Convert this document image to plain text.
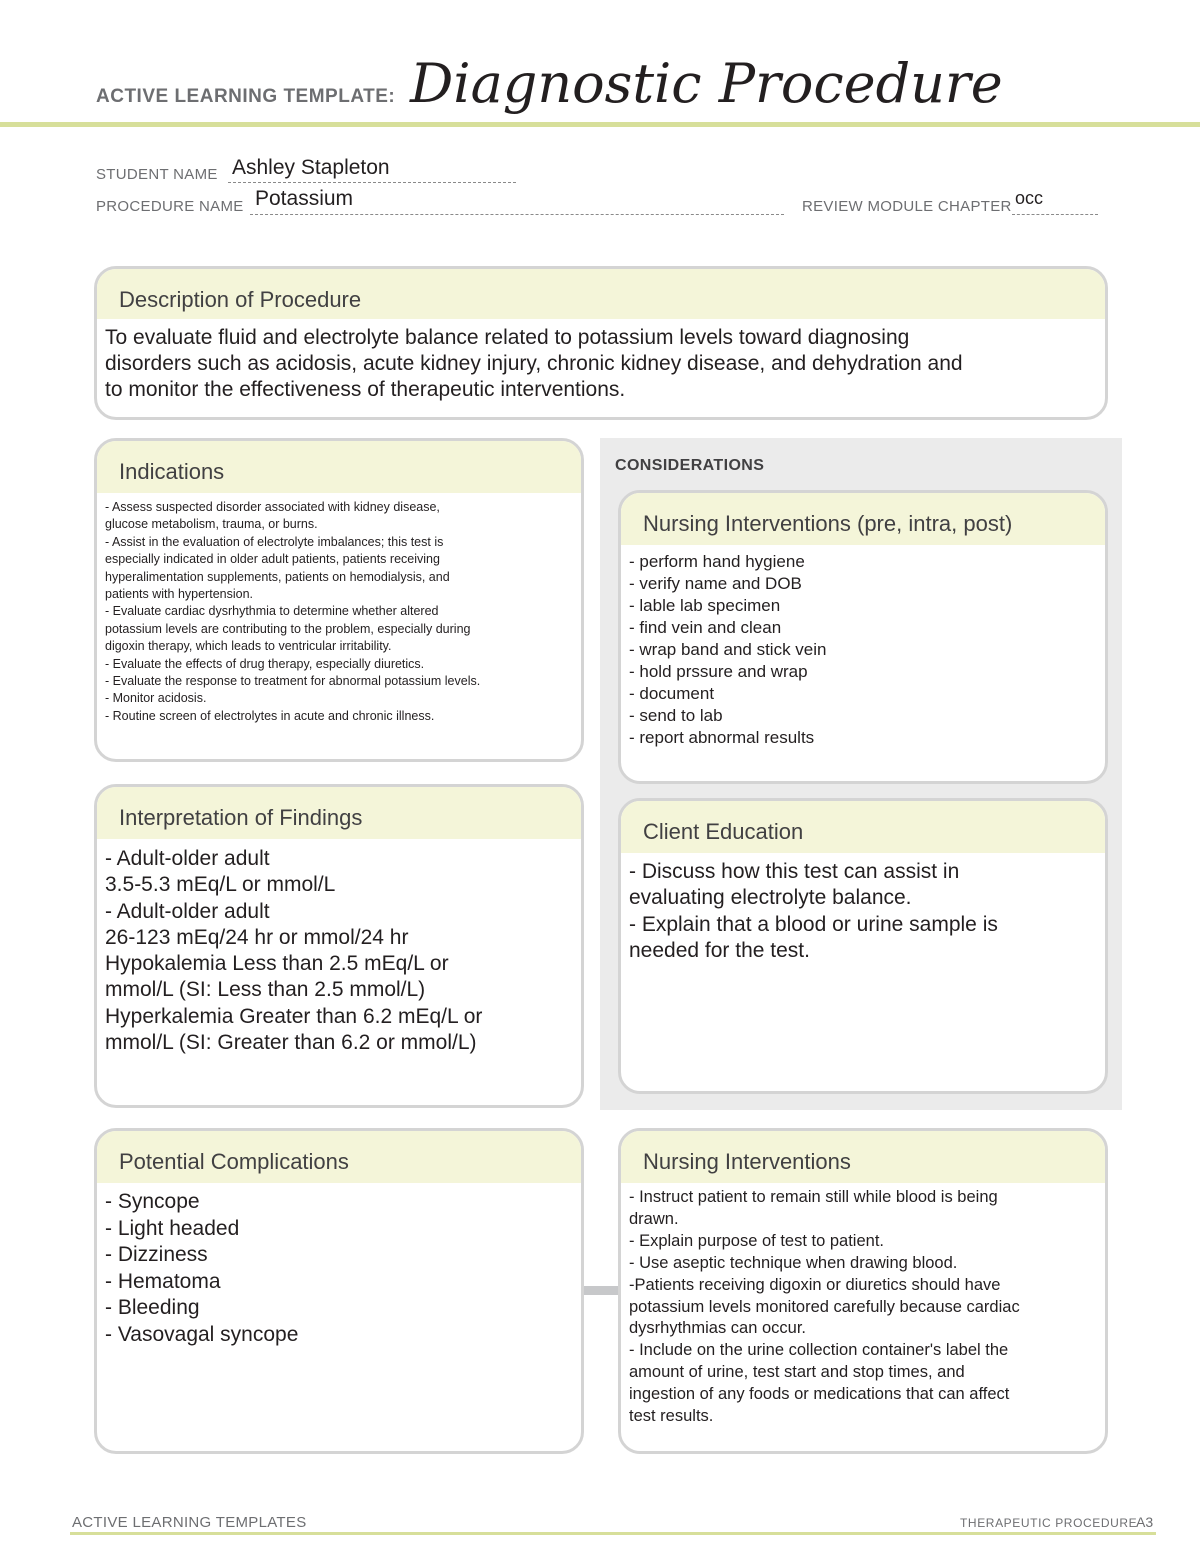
ACTIVE LEARNING TEMPLATE: Diagnostic Procedure
STUDENT NAME Ashley Stapleton
PROCEDURE NAME Potassium	REVIEW MODULE CHAPTER occ
Description of Procedure
To evaluate fluid and electrolyte balance related to potassium levels toward diagnosing
disorders such as acidosis, acute kidney injury, chronic kidney disease, and dehydration and
to monitor the effectiveness of therapeutic interventions.
Indications
- Assess suspected disorder associated with kidney disease,
glucose metabolism, trauma, or burns.
- Assist in the evaluation of electrolyte imbalances; this test is
especially indicated in older adult patients, patients receiving
hyperalimentation supplements, patients on hemodialysis, and
patients with hypertension.
- Evaluate cardiac dysrhythmia to determine whether altered
potassium levels are contributing to the problem, especially during
digoxin therapy, which leads to ventricular irritability.
- Evaluate the effects of drug therapy, especially diuretics.
- Evaluate the response to treatment for abnormal potassium levels.
- Monitor acidosis.
- Routine screen of electrolytes in acute and chronic illness.
CONSIDERATIONS
Nursing Interventions (pre, intra, post)
- perform hand hygiene
- verify name and DOB
- lable lab specimen
- find vein and clean
- wrap band and stick vein
- hold prssure and wrap
- document
- send to lab
- report abnormal results
Interpretation of Findings
- Adult-older adult
3.5-5.3 mEq/L or mmol/L
- Adult-older adult
26-123 mEq/24 hr or mmol/24 hr
Hypokalemia Less than 2.5 mEq/L or
mmol/L (SI: Less than 2.5 mmol/L)
Hyperkalemia Greater than 6.2 mEq/L or
mmol/L (SI: Greater than 6.2 or mmol/L)
Client Education
- Discuss how this test can assist in
evaluating electrolyte balance.
- Explain that a blood or urine sample is
needed for the test.
Potential Complications
- Syncope
- Light headed
- Dizziness
- Hematoma
- Bleeding
- Vasovagal syncope
Nursing Interventions
- Instruct patient to remain still while blood is being
drawn.
- Explain purpose of test to patient.
- Use aseptic technique when drawing blood.
-Patients receiving digoxin or diuretics should have
potassium levels monitored carefully because cardiac
dysrhythmias can occur.
- Include on the urine collection container's label the
amount of urine, test start and stop times, and
ingestion of any foods or medications that can affect
test results.
ACTIVE LEARNING TEMPLATES	THERAPEUTIC PROCEDURE
A3
